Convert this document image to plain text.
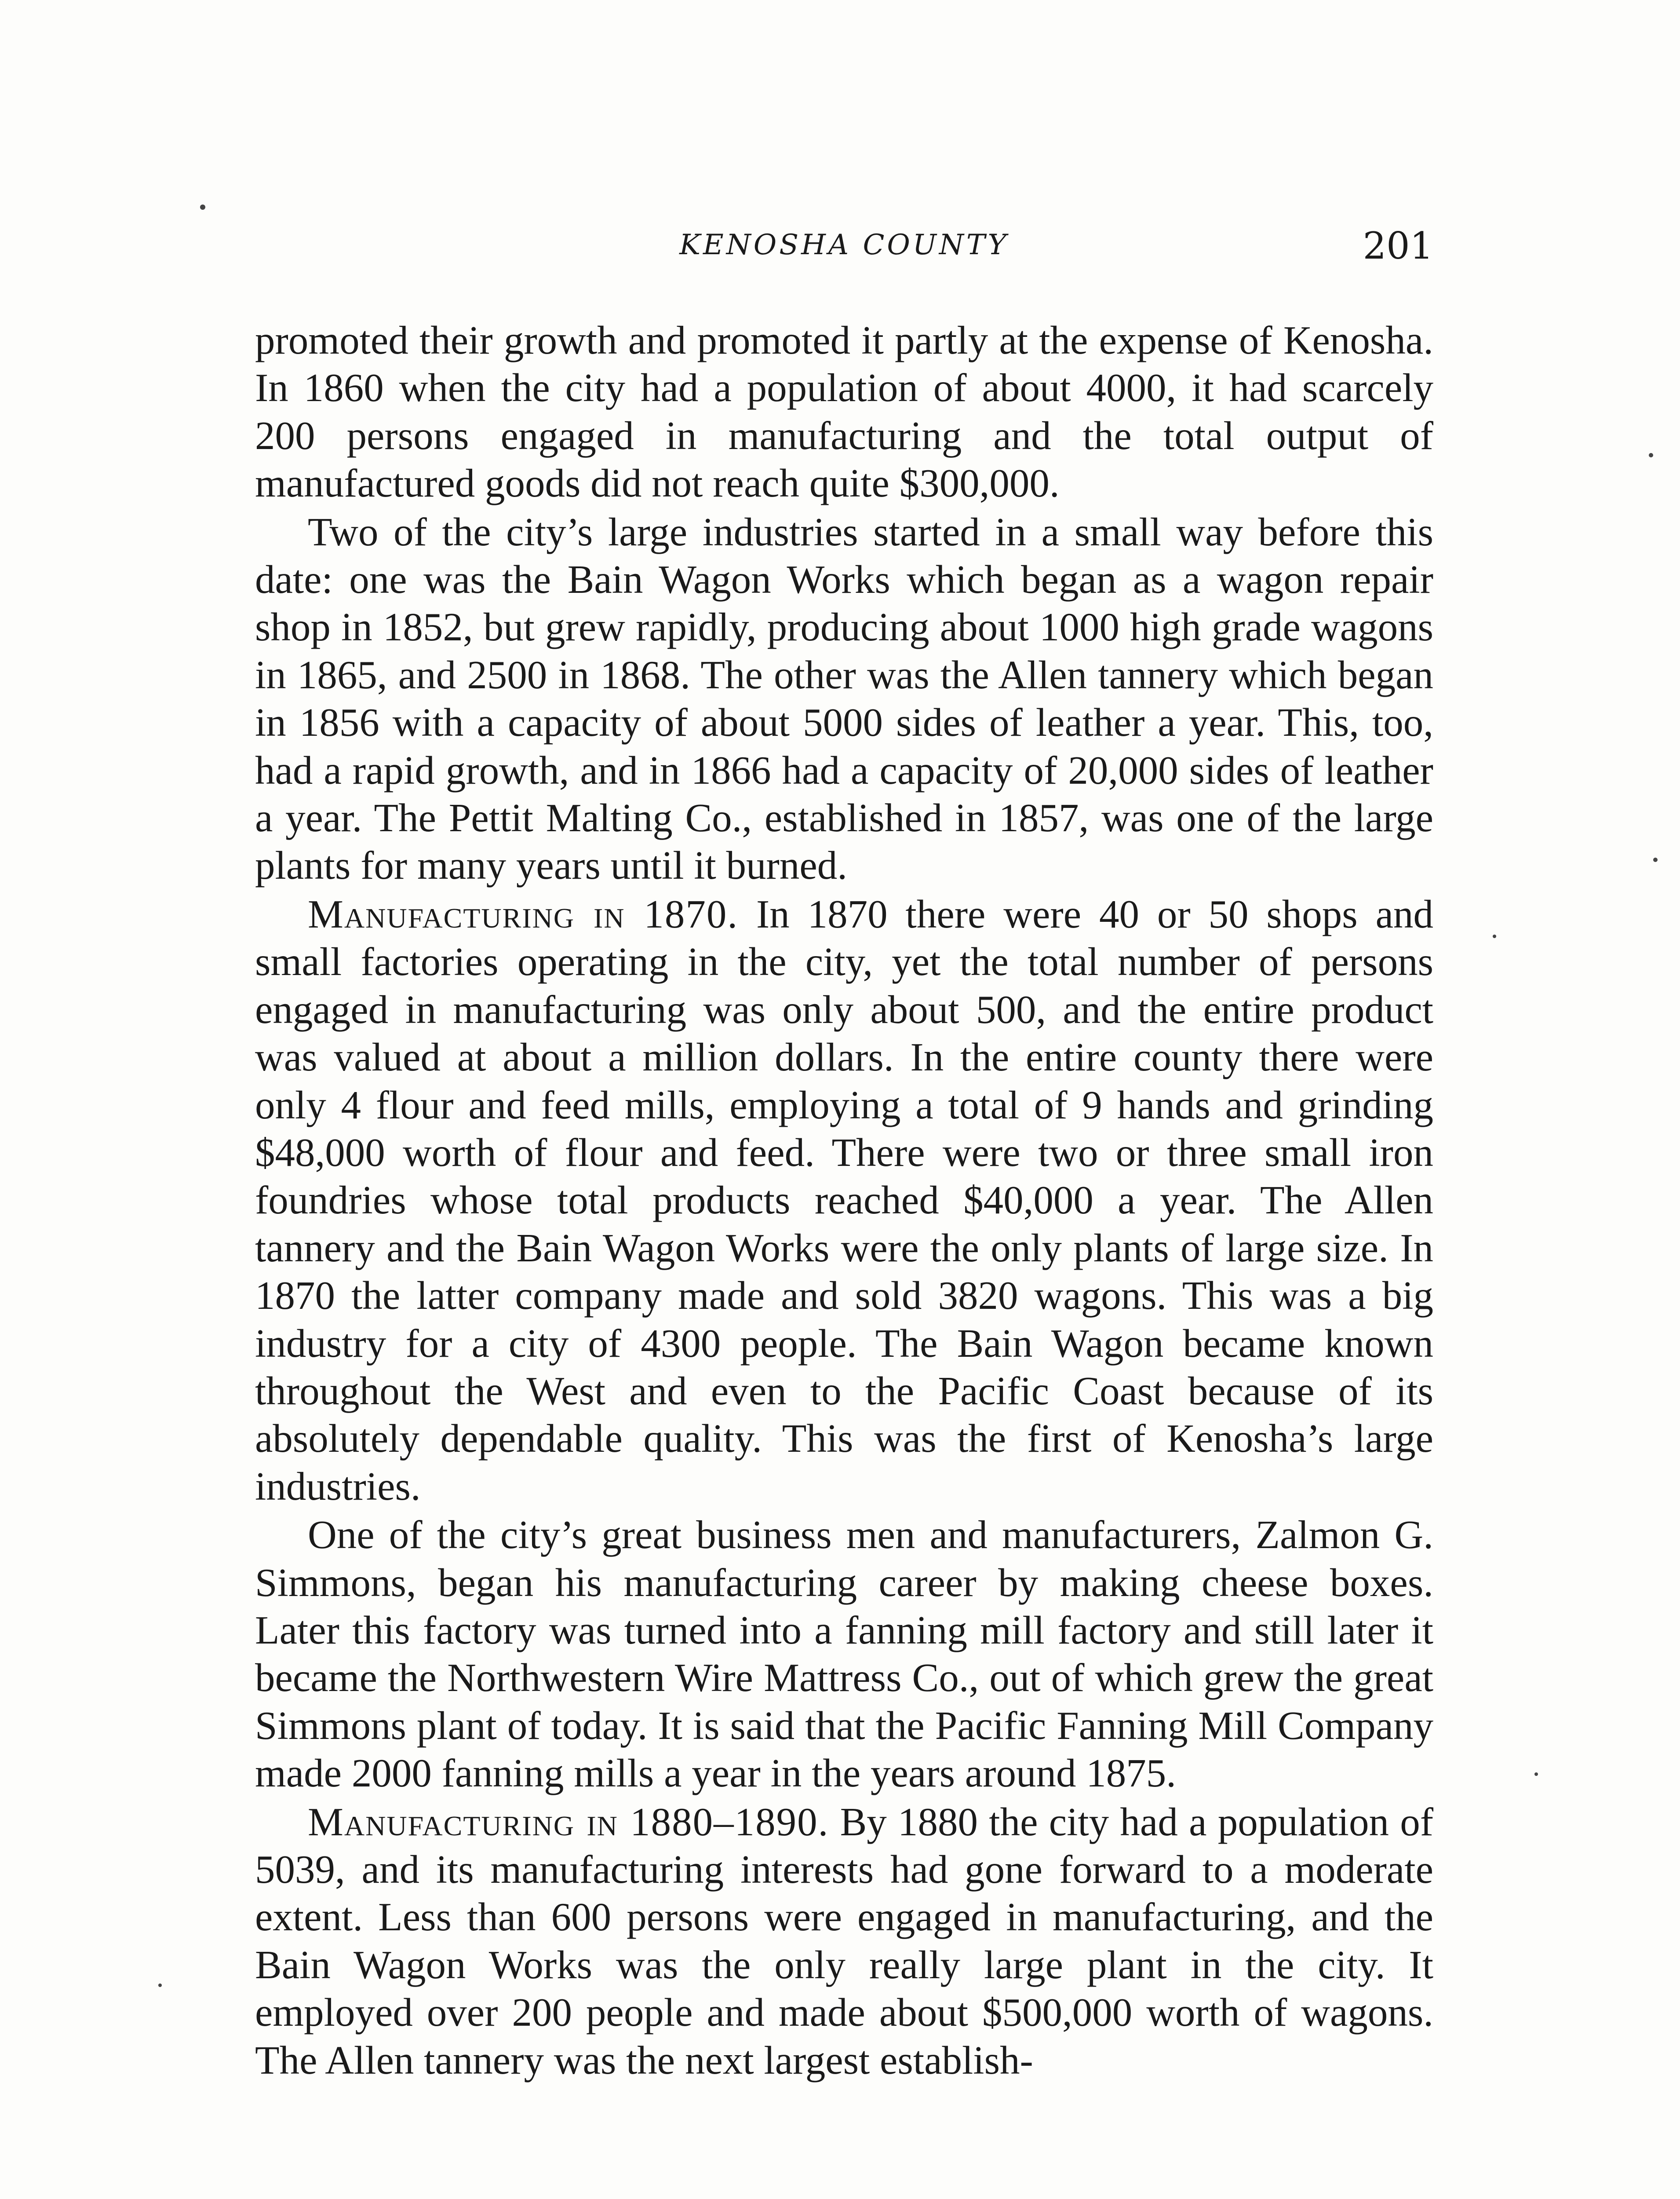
KENOSHA COUNTY	201

promoted their growth and promoted it partly at the expense of Kenosha. In 1860 when the city had a population of about 4000, it had scarcely 200 persons engaged in manufacturing and the total output of manufactured goods did not reach quite $300,000.

Two of the city’s large industries started in a small way before this date: one was the Bain Wagon Works which began as a wagon repair shop in 1852, but grew rapidly, producing about 1000 high grade wagons in 1865, and 2500 in 1868. The other was the Allen tannery which began in 1856 with a capacity of about 5000 sides of leather a year. This, too, had a rapid growth, and in 1866 had a capacity of 20,000 sides of leather a year. The Pettit Malting Co., established in 1857, was one of the large plants for many years until it burned.

Manufacturing in 1870. In 1870 there were 40 or 50 shops and small factories operating in the city, yet the total number of persons engaged in manufacturing was only about 500, and the entire product was valued at about a million dollars. In the entire county there were only 4 flour and feed mills, employing a total of 9 hands and grinding $48,000 worth of flour and feed. There were two or three small iron foundries whose total products reached $40,000 a year. The Allen tannery and the Bain Wagon Works were the only plants of large size. In 1870 the latter company made and sold 3820 wagons. This was a big industry for a city of 4300 people. The Bain Wagon became known throughout the West and even to the Pacific Coast because of its absolutely dependable quality. This was the first of Kenosha’s large industries.

One of the city’s great business men and manufacturers, Zalmon G. Simmons, began his manufacturing career by making cheese boxes. Later this factory was turned into a fanning mill factory and still later it became the Northwestern Wire Mattress Co., out of which grew the great Simmons plant of today. It is said that the Pacific Fanning Mill Company made 2000 fanning mills a year in the years around 1875.

Manufacturing in 1880–1890. By 1880 the city had a population of 5039, and its manufacturing interests had gone forward to a moderate extent. Less than 600 persons were engaged in manufacturing, and the Bain Wagon Works was the only really large plant in the city. It employed over 200 people and made about $500,000 worth of wagons. The Allen tannery was the next largest establish-
